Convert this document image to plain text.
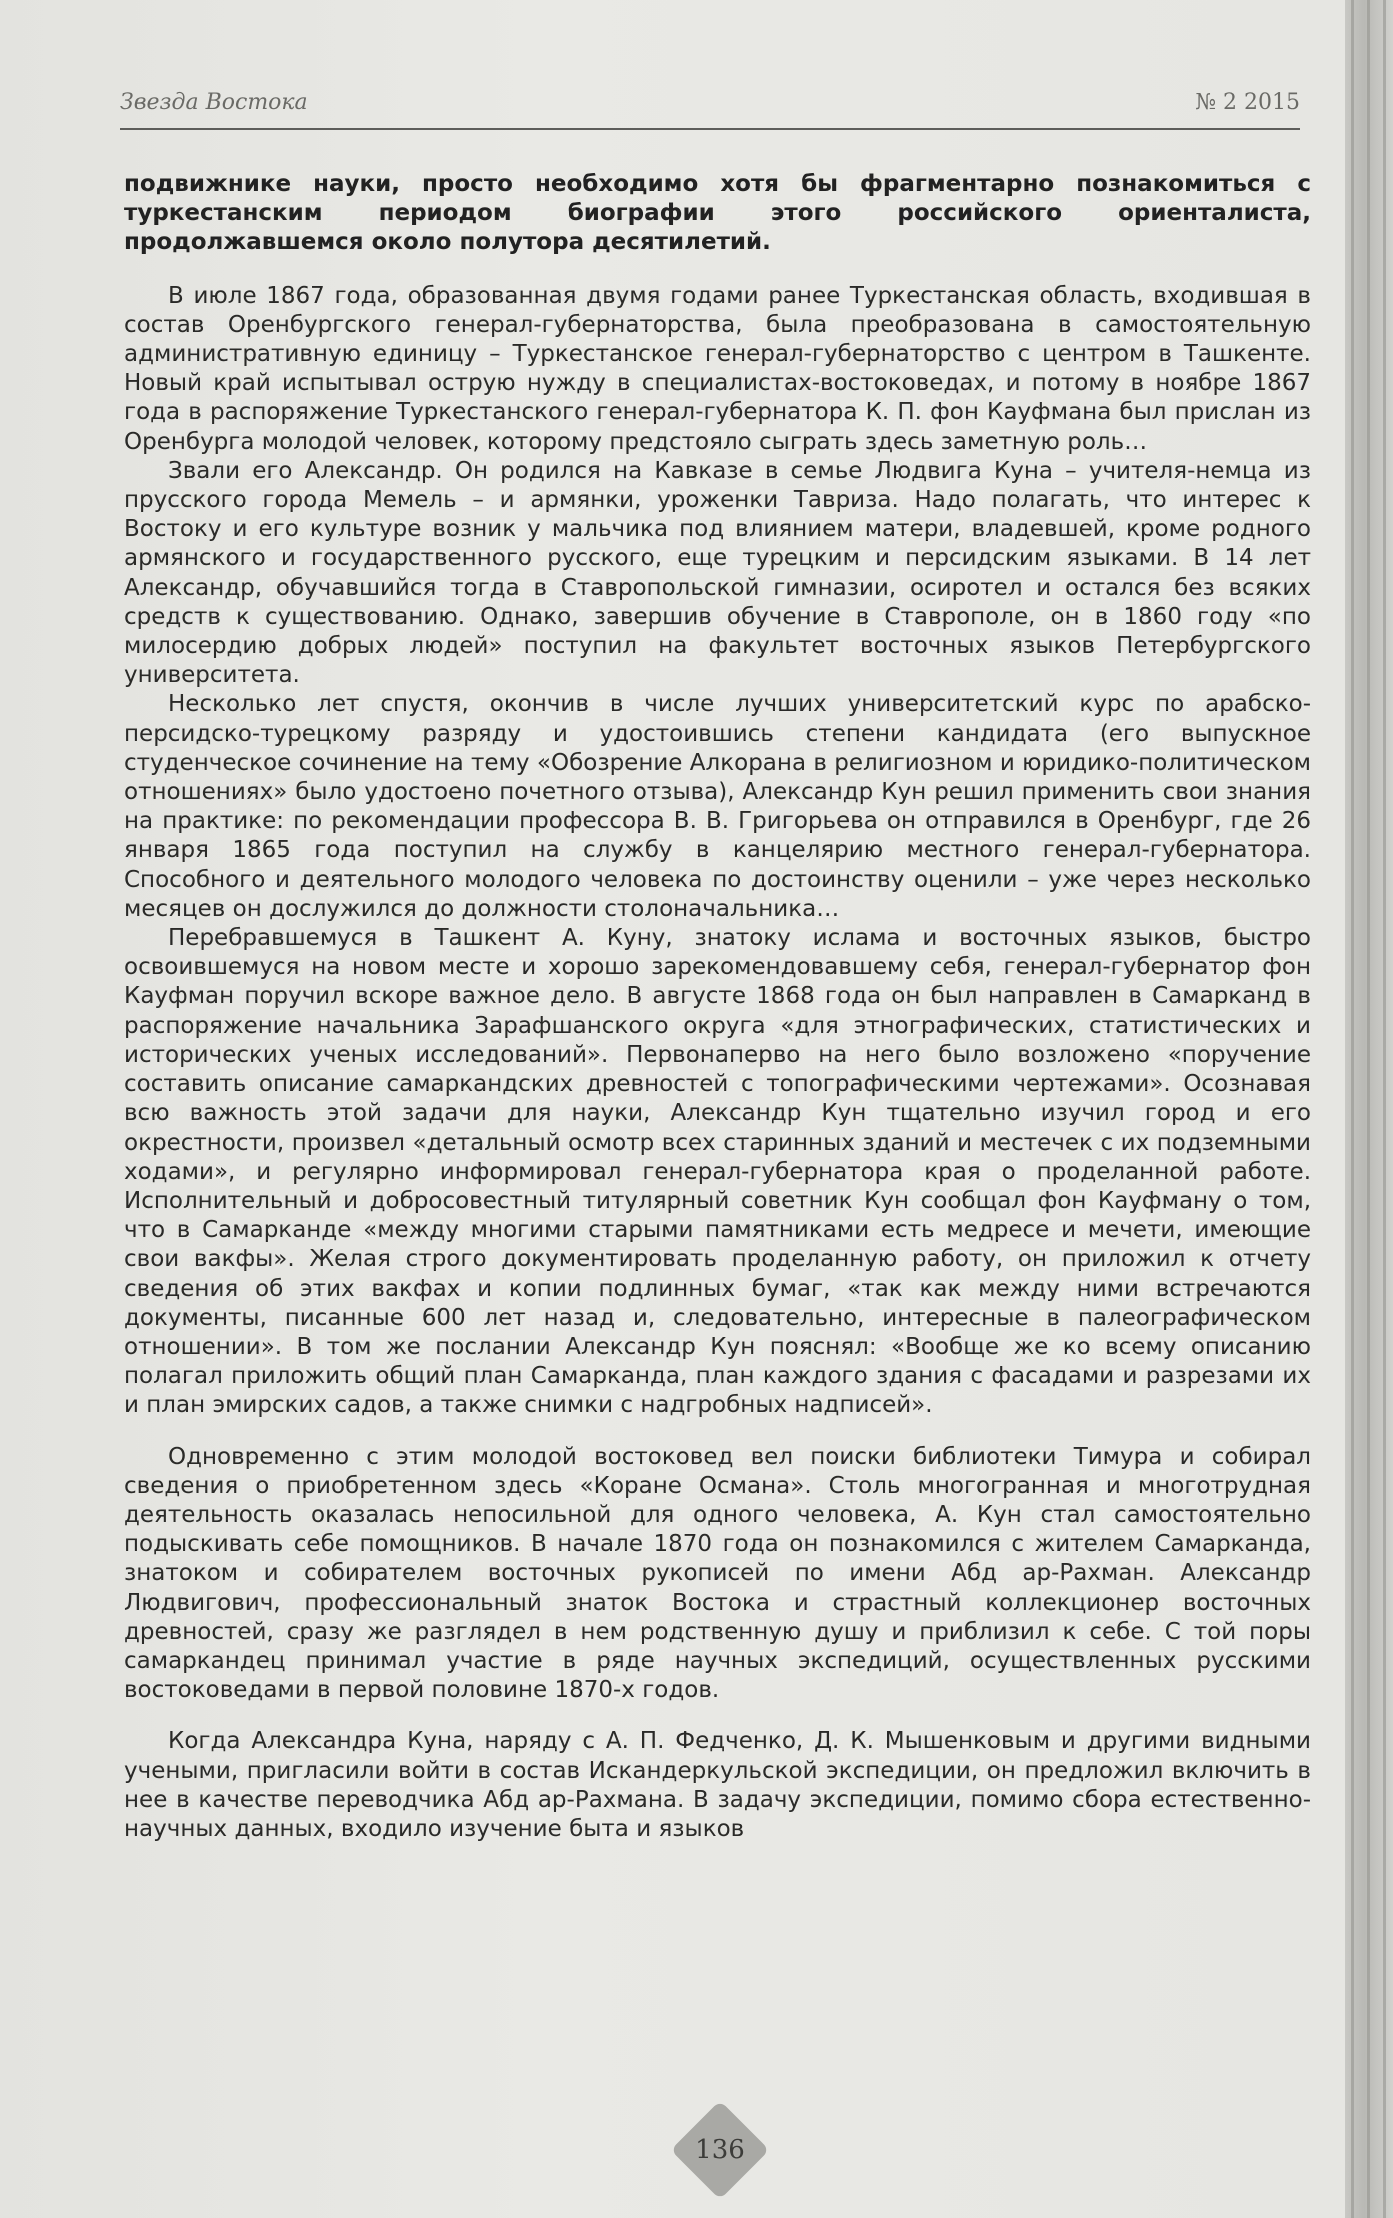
Звезда Востока	№ 2 2015

подвижнике науки, просто необходимо хотя бы фрагментарно познакомиться с туркестанским периодом биографии этого российского ориенталиста, продолжавшемся около полутора десятилетий.

В июле 1867 года, образованная двумя годами ранее Туркестанская область, входившая в состав Оренбургского генерал-губернаторства, была преобразована в самостоятельную административную единицу – Туркестанское генерал-губернаторство с центром в Ташкенте. Новый край испытывал острую нужду в специалистах-востоковедах, и потому в ноябре 1867 года в распоряжение Туркестанского генерал-губернатора К. П. фон Кауфмана был прислан из Оренбурга молодой человек, которому предстояло сыграть здесь заметную роль…

Звали его Александр. Он родился на Кавказе в семье Людвига Куна – учителя-немца из прусского города Мемель – и армянки, уроженки Тавриза. Надо полагать, что интерес к Востоку и его культуре возник у мальчика под влиянием матери, владевшей, кроме родного армянского и государственного русского, еще турецким и персидским языками. В 14 лет Александр, обучавшийся тогда в Ставропольской гимназии, осиротел и остался без всяких средств к существованию. Однако, завершив обучение в Ставрополе, он в 1860 году «по милосердию добрых людей» поступил на факультет восточных языков Петербургского университета.

Несколько лет спустя, окончив в числе лучших университетский курс по арабско-персидско-турецкому разряду и удостоившись степени кандидата (его выпускное студенческое сочинение на тему «Обозрение Алкорана в религиозном и юридико-политическом отношениях» было удостоено почетного отзыва), Александр Кун решил применить свои знания на практике: по рекомендации профессора В. В. Григорьева он отправился в Оренбург, где 26 января 1865 года поступил на службу в канцелярию местного генерал-губернатора. Способного и деятельного молодого человека по достоинству оценили – уже через несколько месяцев он дослужился до должности столоначальника…

Перебравшемуся в Ташкент А. Куну, знатоку ислама и восточных языков, быстро освоившемуся на новом месте и хорошо зарекомендовавшему себя, генерал-губернатор фон Кауфман поручил вскоре важное дело. В августе 1868 года он был направлен в Самарканд в распоряжение начальника Зарафшанского округа «для этнографических, статистических и исторических ученых исследований». Первонаперво на него было возложено «поручение составить описание самаркандских древностей с топографическими чертежами». Осознавая всю важность этой задачи для науки, Александр Кун тщательно изучил город и его окрестности, произвел «детальный осмотр всех старинных зданий и местечек с их подземными ходами», и регулярно информировал генерал-губернатора края о проделанной работе. Исполнительный и добросовестный титулярный советник Кун сообщал фон Кауфману о том, что в Самарканде «между многими старыми памятниками есть медресе и мечети, имеющие свои вакфы». Желая строго документировать проделанную работу, он приложил к отчету сведения об этих вакфах и копии подлинных бумаг, «так как между ними встречаются документы, писанные 600 лет назад и, следовательно, интересные в палеографическом отношении». В том же послании Александр Кун пояснял: «Вообще же ко всему описанию полагал приложить общий план Самарканда, план каждого здания с фасадами и разрезами их и план эмирских садов, а также снимки с надгробных надписей».

Одновременно с этим молодой востоковед вел поиски библиотеки Тимура и собирал сведения о приобретенном здесь «Коране Османа». Столь многогранная и многотрудная деятельность оказалась непосильной для одного человека, А. Кун стал самостоятельно подыскивать себе помощников. В начале 1870 года он познакомился с жителем Самарканда, знатоком и собирателем восточных рукописей по имени Абд ар-Рахман. Александр Людвигович, профессиональный знаток Востока и страстный коллекционер восточных древностей, сразу же разглядел в нем родственную душу и приблизил к себе. С той поры самаркандец принимал участие в ряде научных экспедиций, осуществленных русскими востоковедами в первой половине 1870-х годов.

Когда Александра Куна, наряду с А. П. Федченко, Д. К. Мышенковым и другими видными учеными, пригласили войти в состав Искандеркульской экспедиции, он предложил включить в нее в качестве переводчика Абд ар-Рахмана. В задачу экспедиции, помимо сбора естественно-научных данных, входило изучение быта и языков

136
